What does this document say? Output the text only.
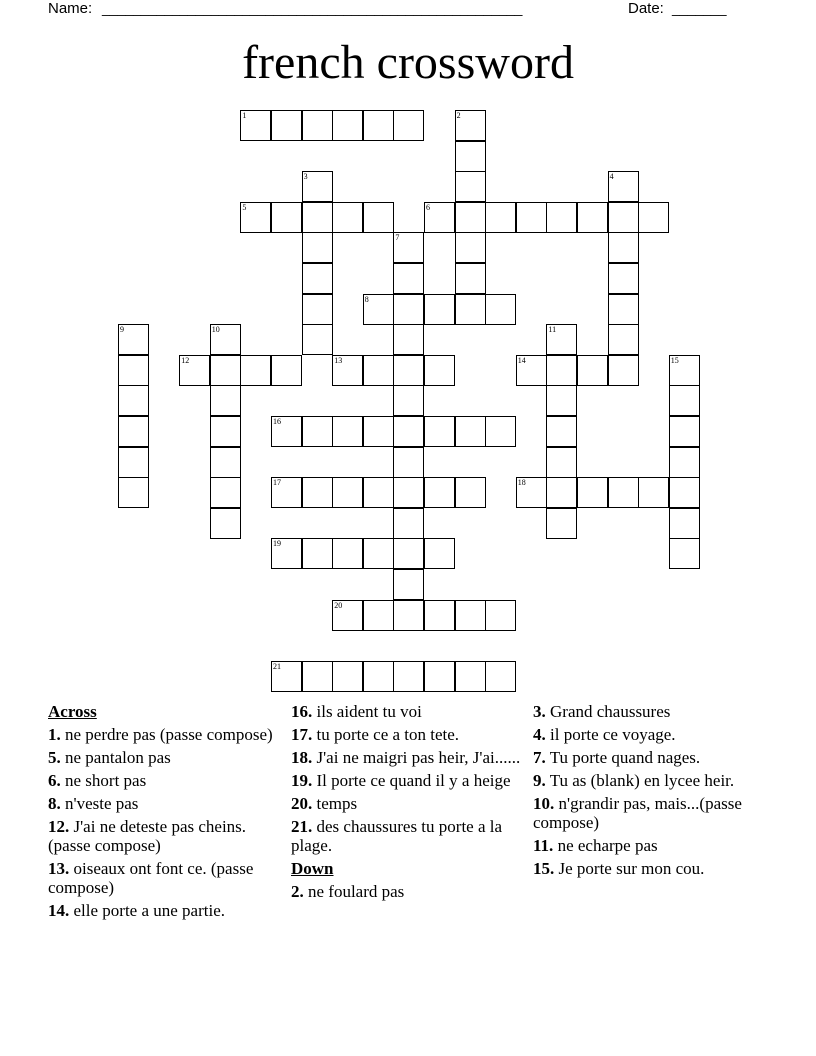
Name:

______________________________________________________

	Date:

_______

french crossword
1	2
3	4
5	6
7
8
9	10	11
12	13	14	15
16
17	18
19
20
21
Across
1. ne perdre pas (passe compose)
5. ne pantalon pas
6. ne short pas
8. n'veste pas
12. J'ai ne deteste pas cheins. (passe compose)
13. oiseaux ont font ce. (passe compose)
14. elle porte a une partie.
16. ils aident tu voi
17. tu porte ce a ton tete.
18. J'ai ne maigri pas heir, J'ai......
19. Il porte ce quand il y a heige
20. temps
21. des chaussures tu porte a la plage.
Down
2. ne foulard pas
3. Grand chaussures
4. il porte ce voyage.
7. Tu porte quand nages.
9. Tu as (blank) en lycee heir.
10. n'grandir pas, mais...(passe compose)
11. ne echarpe pas
15. Je porte sur mon cou.
